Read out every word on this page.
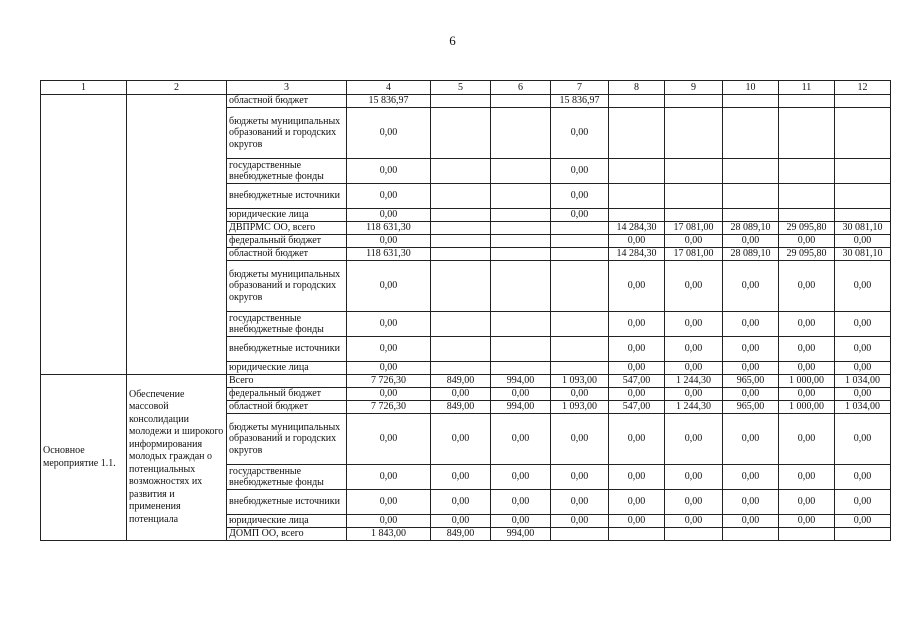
6
1	2	3	4	5	6	7	8	9	10	11	12
		областной бюджет	15 836,97			15 836,97					
		бюджеты муниципальных образований и городских округов	0,00			0,00					
		государственные внебюджетные фонды	0,00			0,00					
		внебюджетные источники	0,00			0,00					
		юридические лица	0,00			0,00					
		ДВПРМС ОО, всего	118 631,30				14 284,30	17 081,00	28 089,10	29 095,80	30 081,10
		федеральный бюджет	0,00				0,00	0,00	0,00	0,00	0,00
		областной бюджет	118 631,30				14 284,30	17 081,00	28 089,10	29 095,80	30 081,10
		бюджеты муниципальных образований и городских округов	0,00				0,00	0,00	0,00	0,00	0,00
		государственные внебюджетные фонды	0,00				0,00	0,00	0,00	0,00	0,00
		внебюджетные источники	0,00				0,00	0,00	0,00	0,00	0,00
		юридические лица	0,00				0,00	0,00	0,00	0,00	0,00
Основное мероприятие 1.1.	Обеспечение массовой консолидации молодежи и широкого информирования молодых граждан о потенциальных возможностях их развития и применения потенциала	Всего	7 726,30	849,00	994,00	1 093,00	547,00	1 244,30	965,00	1 000,00	1 034,00
		федеральный бюджет	0,00	0,00	0,00	0,00	0,00	0,00	0,00	0,00	0,00
		областной бюджет	7 726,30	849,00	994,00	1 093,00	547,00	1 244,30	965,00	1 000,00	1 034,00
		бюджеты муниципальных образований и городских округов	0,00	0,00	0,00	0,00	0,00	0,00	0,00	0,00	0,00
		государственные внебюджетные фонды	0,00	0,00	0,00	0,00	0,00	0,00	0,00	0,00	0,00
		внебюджетные источники	0,00	0,00	0,00	0,00	0,00	0,00	0,00	0,00	0,00
		юридические лица	0,00	0,00	0,00	0,00	0,00	0,00	0,00	0,00	0,00
		ДОМП ОО, всего	1 843,00	849,00	994,00						
